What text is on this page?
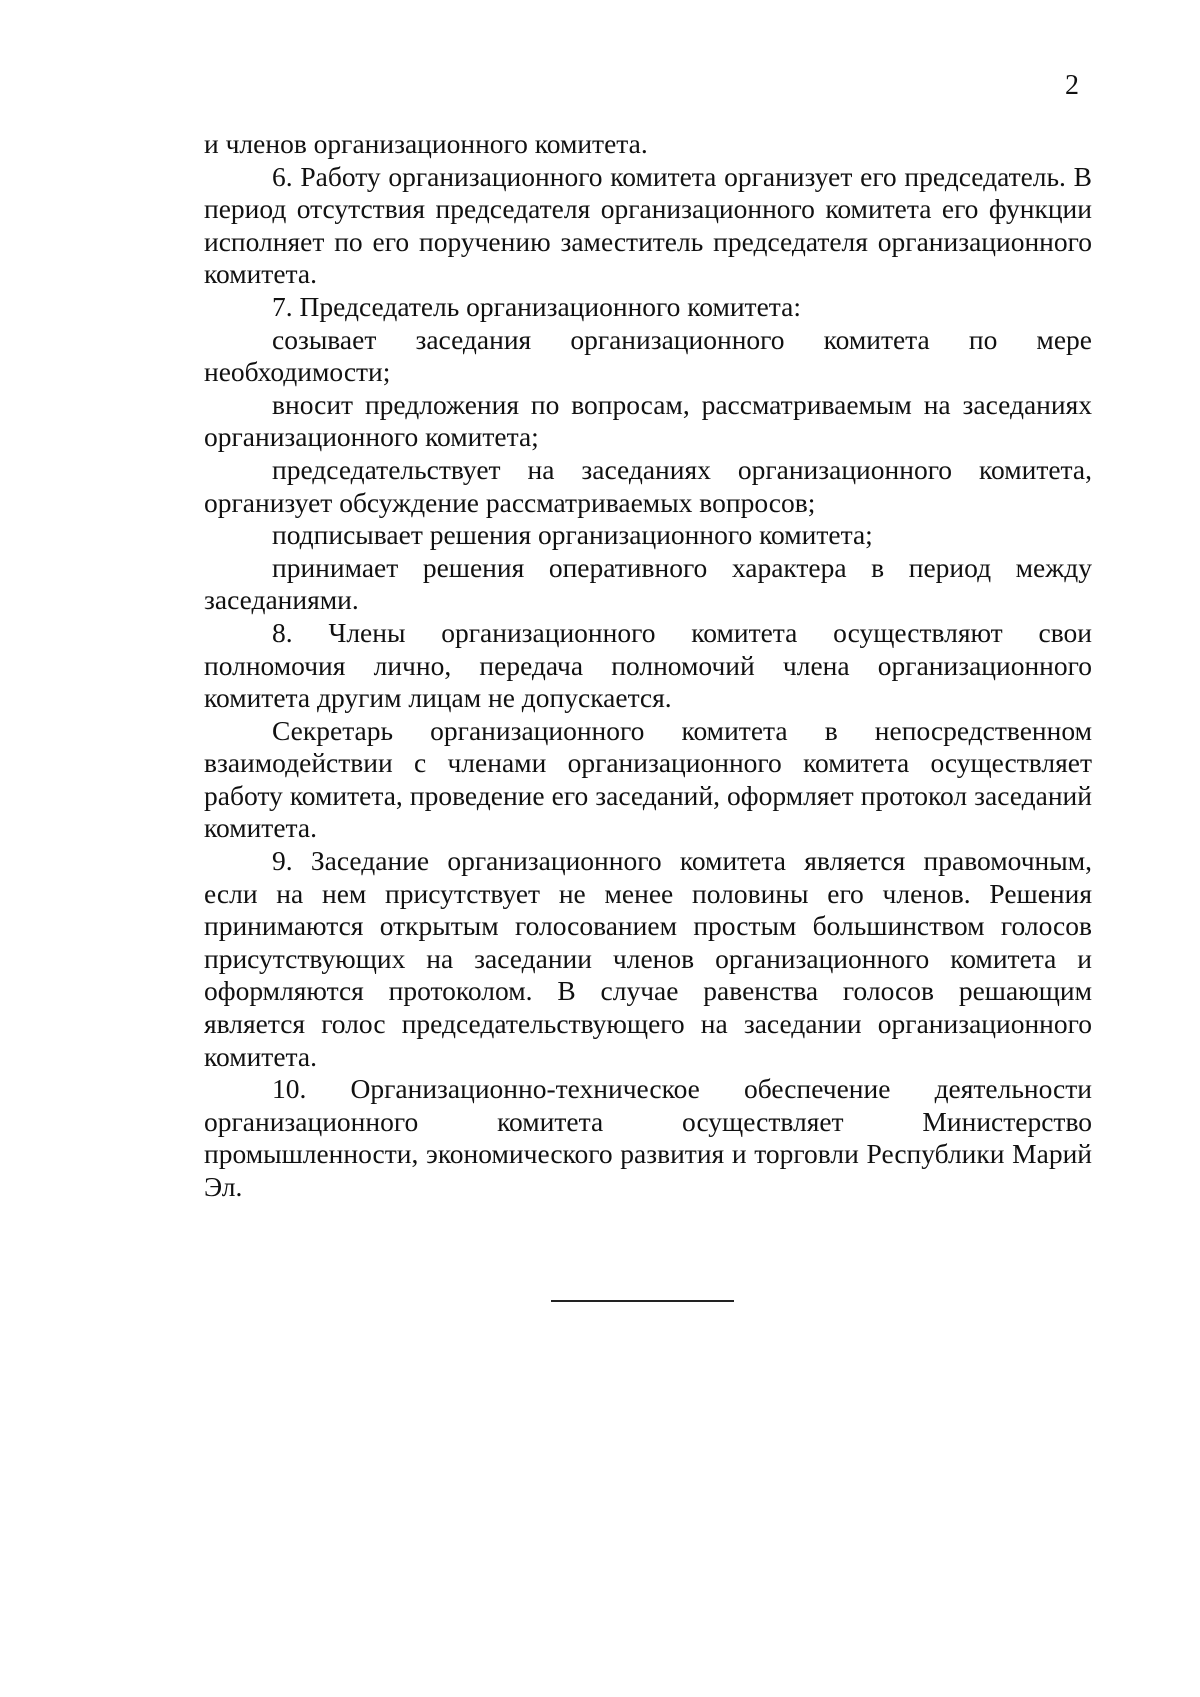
2

и членов организационного комитета.

6. Работу организационного комитета организует его председатель. В период отсутствия председателя организационного комитета его функции исполняет по его поручению заместитель председателя организационного комитета.

7. Председатель организационного комитета:

созывает заседания организационного комитета по мере необходимости;

вносит предложения по вопросам, рассматриваемым на заседаниях организационного комитета;

председательствует на заседаниях организационного комитета, организует обсуждение рассматриваемых вопросов;

подписывает решения организационного комитета;

принимает решения оперативного характера в период между заседаниями.

8. Члены организационного комитета осуществляют свои полномочия лично, передача полномочий члена организационного комитета другим лицам не допускается.

Секретарь организационного комитета в непосредственном взаимодействии с членами организационного комитета осуществляет работу комитета, проведение его заседаний, оформляет протокол заседаний комитета.

9. Заседание организационного комитета является правомочным, если на нем присутствует не менее половины его членов. Решения принимаются открытым голосованием простым большинством голосов присутствующих на заседании членов организационного комитета и оформляются протоколом. В случае равенства голосов решающим является голос председательствующего на заседании организационного комитета.

10. Организационно-техническое обеспечение деятельности организационного комитета осуществляет Министерство промышленности, экономического развития и торговли Республики Марий Эл.
